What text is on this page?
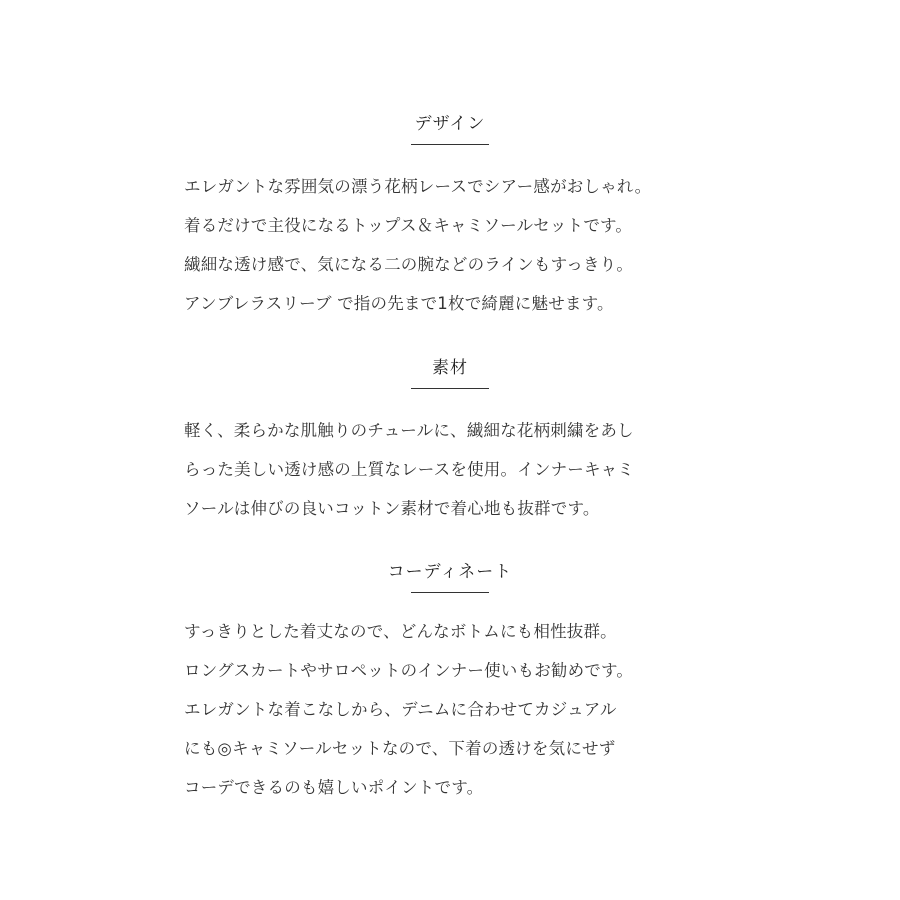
デザイン

エレガントな雰囲気の漂う花柄レースでシアー感がおしゃれ。

着るだけで主役になるトップス＆キャミソールセットです。

繊細な透け感で、気になる二の腕などのラインもすっきり。

アンブレラスリーブ で指の先まで1枚で綺麗に魅せます。

素材

軽く、柔らかな肌触りのチュールに、繊細な花柄刺繍をあし

らった美しい透け感の上質なレースを使用。インナーキャミ

ソールは伸びの良いコットン素材で着心地も抜群です。

コーディネート

すっきりとした着丈なので、どんなボトムにも相性抜群。

ロングスカートやサロペットのインナー使いもお勧めです。

エレガントな着こなしから、デニムに合わせてカジュアル

にも◎キャミソールセットなので、下着の透けを気にせず

コーデできるのも嬉しいポイントです。
